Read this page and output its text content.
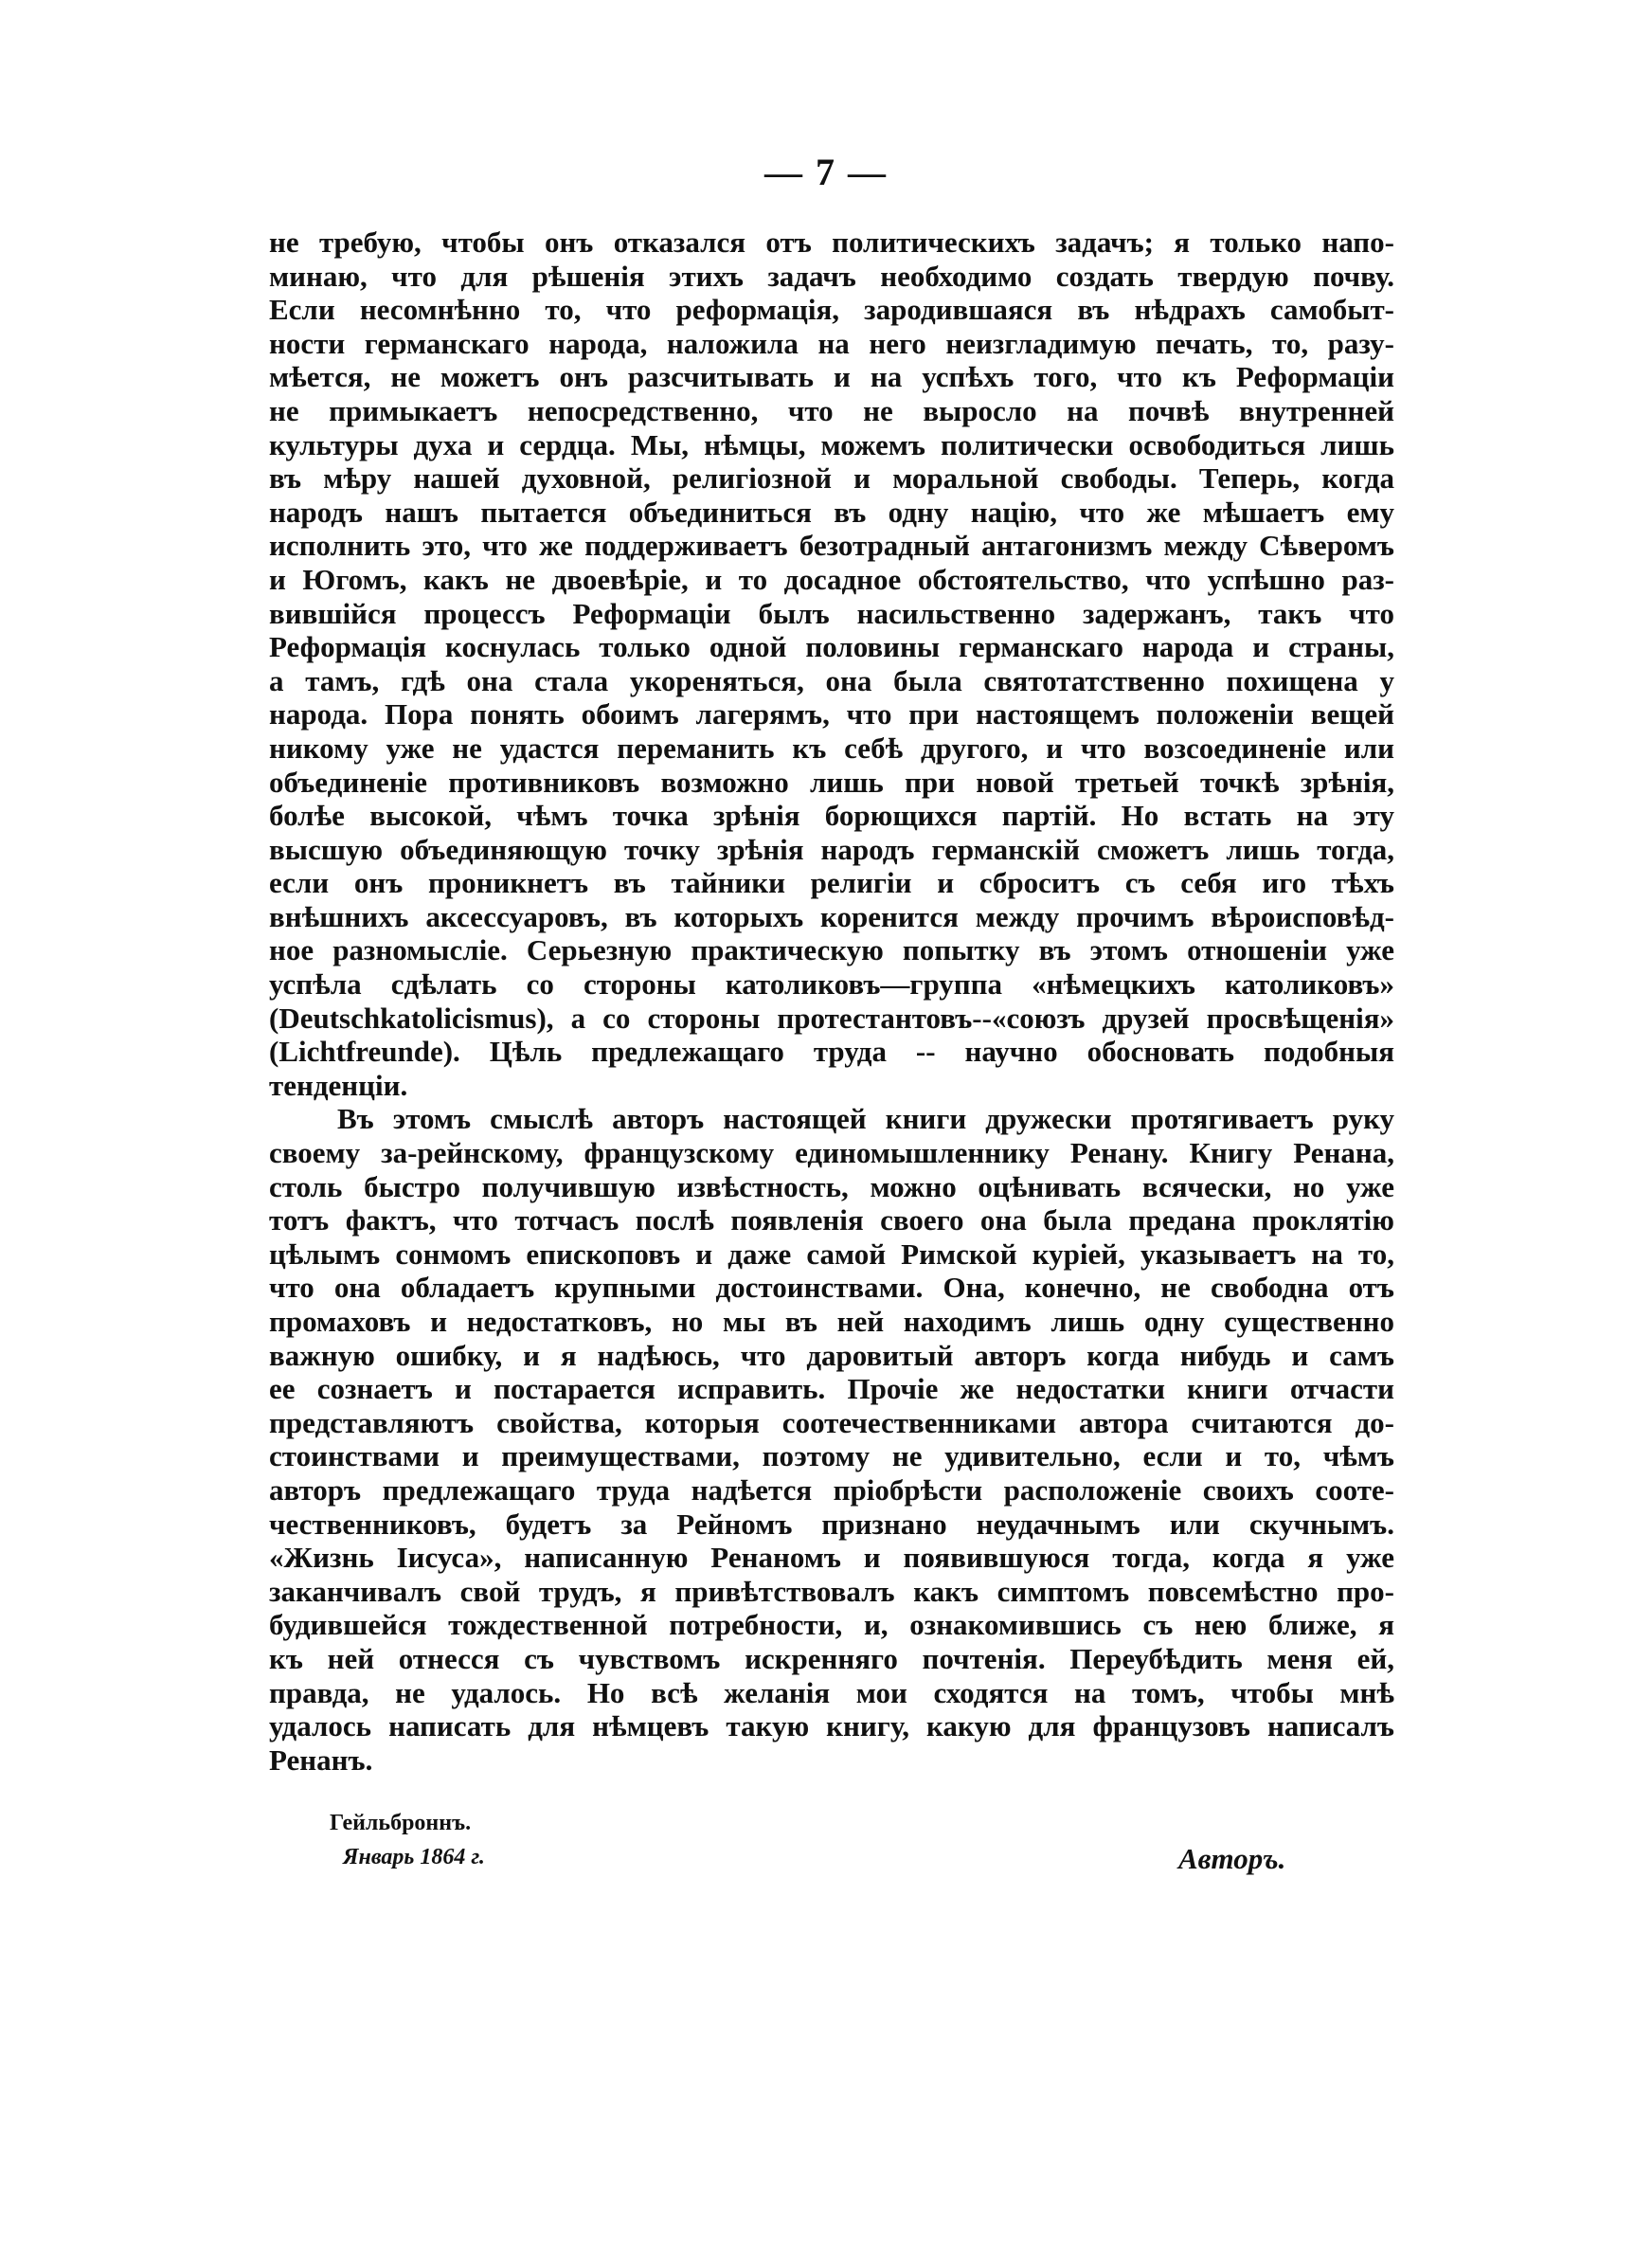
— 7 —
не требую, чтобы онъ отказался отъ политическихъ задачъ; я только напо-
минаю, что для рѣшенія этихъ задачъ необходимо создать твердую почву.
Если несомнѣнно то, что реформація, зародившаяся въ нѣдрахъ самобыт-
ности германскаго народа, наложила на него неизгладимую печать, то, разу-
мѣется, не можетъ онъ разсчитывать и на успѣхъ того, что къ Реформаціи
не примыкаетъ непосредственно, что не выросло на почвѣ внутренней
культуры духа и сердца. Мы, нѣмцы, можемъ политически освободиться лишь
въ мѣру нашей духовной, религіозной и моральной свободы. Теперь, когда
народъ нашъ пытается объединиться въ одну націю, что же мѣшаетъ ему
исполнить это, что же поддерживаетъ безотрадный антагонизмъ между Сѣверомъ
и Югомъ, какъ не двоевѣріе, и то досадное обстоятельство, что успѣшно раз-
вившійся процессъ Реформаціи былъ насильственно задержанъ, такъ что
Реформація коснулась только одной половины германскаго народа и страны,
а тамъ, гдѣ она стала укореняться, она была святотатственно похищена у
народа. Пора понять обоимъ лагерямъ, что при настоящемъ положеніи вещей
никому уже не удастся переманить къ себѣ другого, и что возсоединеніе или
объединеніе противниковъ возможно лишь при новой третьей точкѣ зрѣнія,
болѣе высокой, чѣмъ точка зрѣнія борющихся партій. Но встать на эту
высшую объединяющую точку зрѣнія народъ германскій сможетъ лишь тогда,
если онъ проникнетъ въ тайники религіи и сброситъ съ себя иго тѣхъ
внѣшнихъ аксессуаровъ, въ которыхъ коренится между прочимъ вѣроисповѣд-
ное разномысліе. Серьезную практическую попытку въ этомъ отношеніи уже
успѣла сдѣлать со стороны католиковъ—группа «нѣмецкихъ католиковъ»
(Deutschkatolicismus), а со стороны протестантовъ--«союзъ друзей просвѣщенія»
(Lichtfreunde). Цѣль предлежащаго труда -- научно обосновать подобныя
тенденціи.
Въ этомъ смыслѣ авторъ настоящей книги дружески протягиваетъ руку
своему за-рейнскому, французскому единомышленнику Ренану. Книгу Ренана,
столь быстро получившую извѣстность, можно оцѣнивать всячески, но уже
тотъ фактъ, что тотчасъ послѣ появленія своего она была предана проклятію
цѣлымъ сонмомъ епископовъ и даже самой Римской куріей, указываетъ на то,
что она обладаетъ крупными достоинствами. Она, конечно, не свободна отъ
промаховъ и недостатковъ, но мы въ ней находимъ лишь одну существенно
важную ошибку, и я надѣюсь, что даровитый авторъ когда нибудь и самъ
ее сознаетъ и постарается исправить. Прочіе же недостатки книги отчасти
представляютъ свойства, которыя соотечественниками автора считаются до-
стоинствами и преимуществами, поэтому не удивительно, если и то, чѣмъ
авторъ предлежащаго труда надѣется пріобрѣсти расположеніе своихъ соотe-
чественниковъ, будетъ за Рейномъ признано неудачнымъ или скучнымъ.
«Жизнь Іисуса», написанную Ренаномъ и появившуюся тогда, когда я уже
заканчивалъ свой трудъ, я привѣтствовалъ какъ симптомъ повсемѣстно про-
будившейся тождественной потребности, и, ознакомившись съ нею ближе, я
къ ней отнесся съ чувствомъ искренняго почтенія. Переубѣдить меня ей,
правда, не удалось. Но всѣ желанія мои сходятся на томъ, чтобы мнѣ
удалось написать для нѣмцевъ такую книгу, какую для французовъ написалъ
Ренанъ.
Гейльброннъ.
Январь 1864 г.	Авторъ.
